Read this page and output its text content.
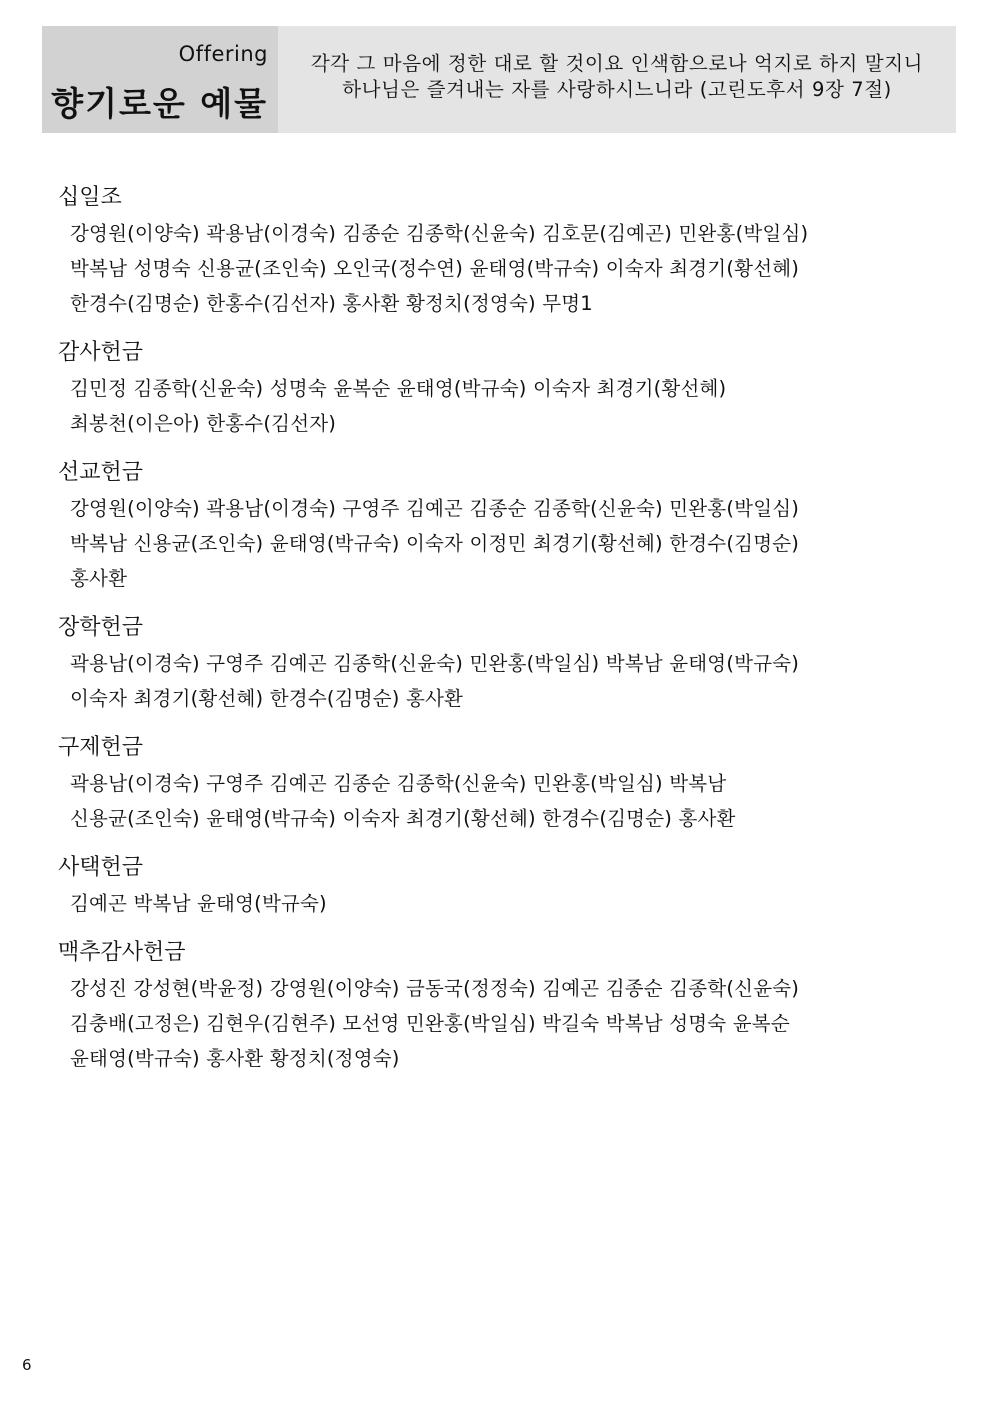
Offering
향기로운 예물
각각 그 마음에 정한 대로 할 것이요 인색함으로나 억지로 하지 말지니
하나님은 즐겨내는 자를 사랑하시느니라 (고린도후서 9장 7절)
십일조
강영원(이양숙) 곽용남(이경숙) 김종순 김종학(신윤숙) 김호문(김예곤) 민완홍(박일심)
박복남 성명숙 신용균(조인숙) 오인국(정수연) 윤태영(박규숙) 이숙자 최경기(황선혜)
한경수(김명순) 한홍수(김선자) 홍사환 황정치(정영숙) 무명1
감사헌금
김민정 김종학(신윤숙) 성명숙 윤복순 윤태영(박규숙) 이숙자 최경기(황선혜)
최봉천(이은아) 한홍수(김선자)
선교헌금
강영원(이양숙) 곽용남(이경숙) 구영주 김예곤 김종순 김종학(신윤숙) 민완홍(박일심)
박복남 신용균(조인숙) 윤태영(박규숙) 이숙자 이정민 최경기(황선혜) 한경수(김명순)
홍사환
장학헌금
곽용남(이경숙) 구영주 김예곤 김종학(신윤숙) 민완홍(박일심) 박복남 윤태영(박규숙)
이숙자 최경기(황선혜) 한경수(김명순) 홍사환
구제헌금
곽용남(이경숙) 구영주 김예곤 김종순 김종학(신윤숙) 민완홍(박일심) 박복남
신용균(조인숙) 윤태영(박규숙) 이숙자 최경기(황선혜) 한경수(김명순) 홍사환
사택헌금
김예곤 박복남 윤태영(박규숙)
맥추감사헌금
강성진 강성현(박윤정) 강영원(이양숙) 금동국(정정숙) 김예곤 김종순 김종학(신윤숙)
김충배(고정은) 김현우(김현주) 모선영 민완홍(박일심) 박길숙 박복남 성명숙 윤복순
윤태영(박규숙) 홍사환 황정치(정영숙)
6
